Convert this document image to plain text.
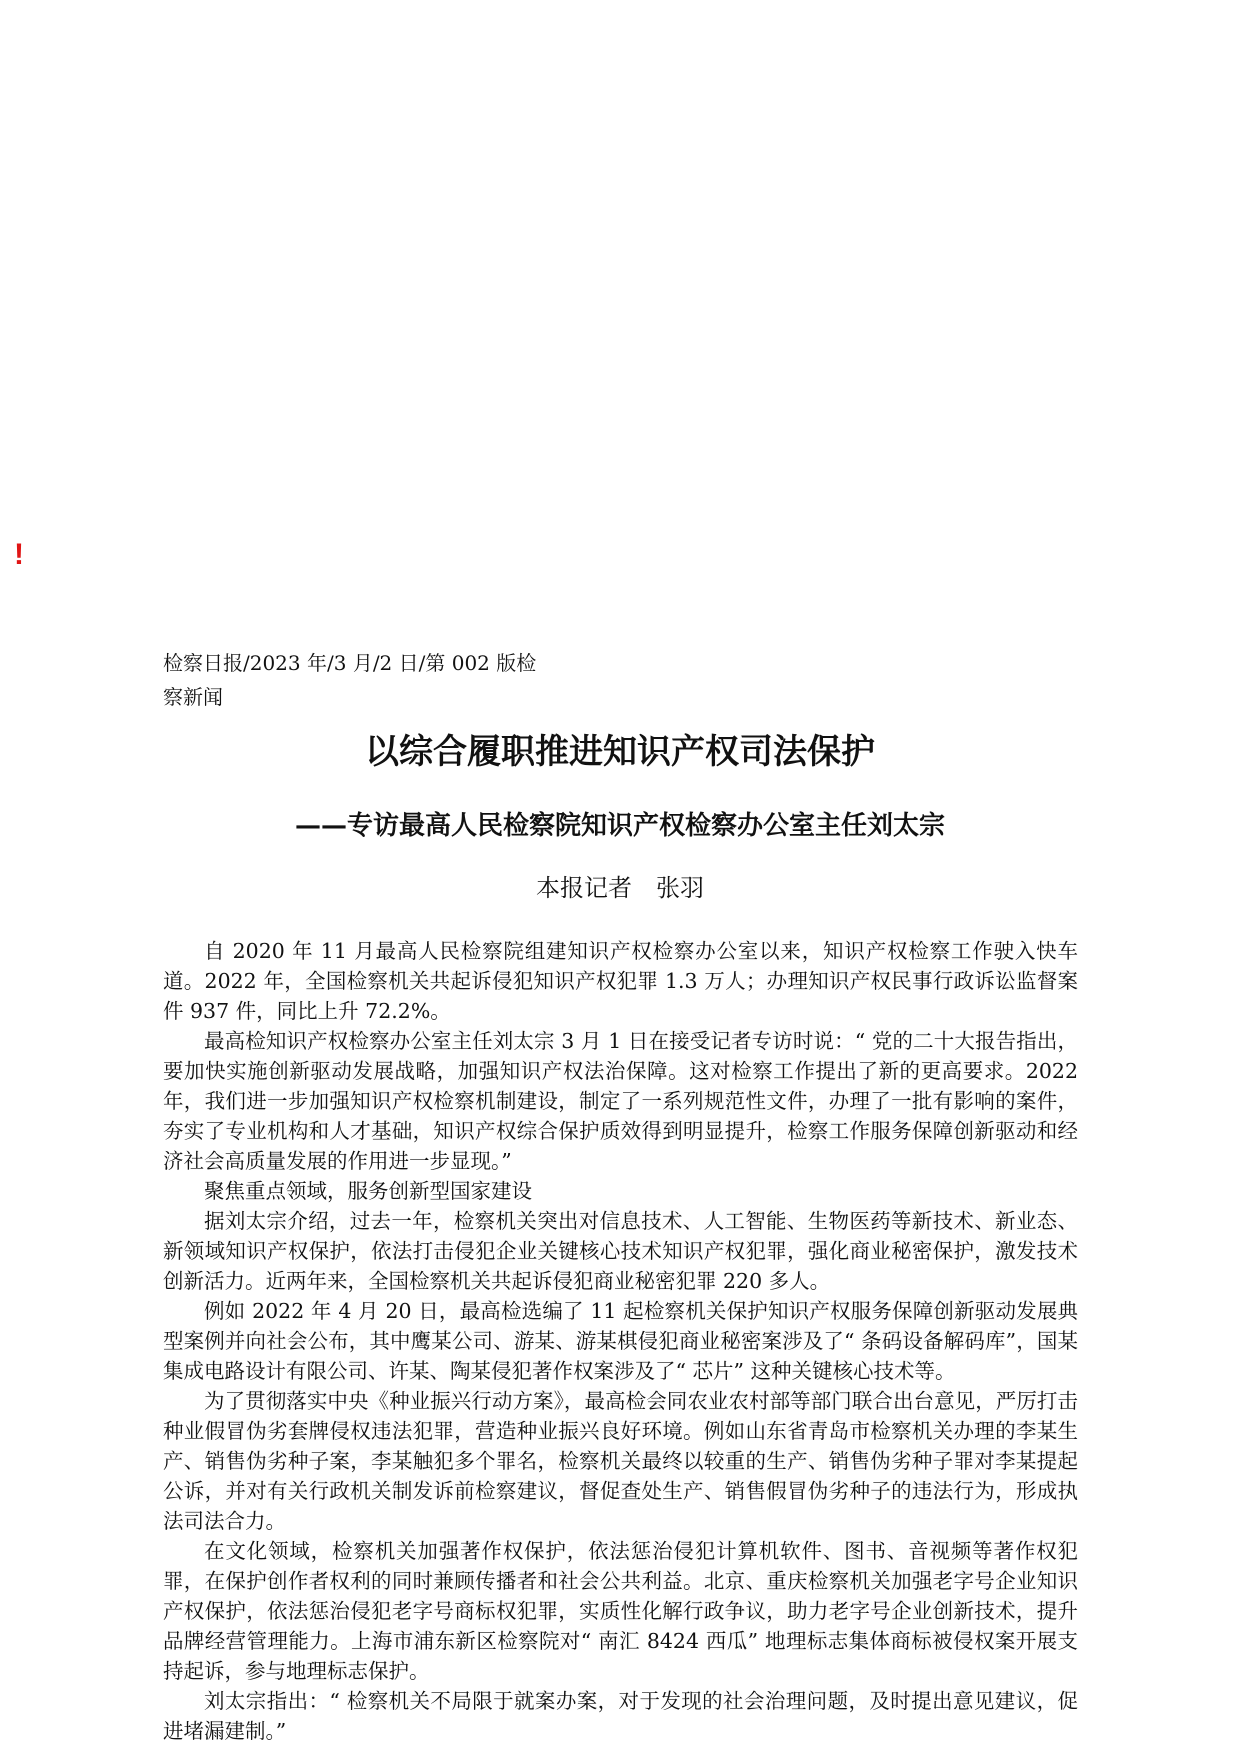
!
检察日报/2023 年/3 月/2 日/第 002 版检察新闻
以综合履职推进知识产权司法保护
——专访最高人民检察院知识产权检察办公室主任刘太宗
本报记者　张羽

自 2020 年 11 月最高人民检察院组建知识产权检察办公室以来，知识产权检察工作驶入快车道。2022 年，全国检察机关共起诉侵犯知识产权犯罪 1.3 万人；办理知识产权民事行政诉讼监督案件 937 件，同比上升 72.2%。

最高检知识产权检察办公室主任刘太宗 3 月 1 日在接受记者专访时说：“ 党的二十大报告指出，要加快实施创新驱动发展战略，加强知识产权法治保障。这对检察工作提出了新的更高要求。2022 年，我们进一步加强知识产权检察机制建设，制定了一系列规范性文件，办理了一批有影响的案件，夯实了专业机构和人才基础，知识产权综合保护质效得到明显提升，检察工作服务保障创新驱动和经济社会高质量发展的作用进一步显现。”

聚焦重点领域，服务创新型国家建设

据刘太宗介绍，过去一年，检察机关突出对信息技术、人工智能、生物医药等新技术、新业态、新领域知识产权保护，依法打击侵犯企业关键核心技术知识产权犯罪，强化商业秘密保护，激发技术创新活力。近两年来，全国检察机关共起诉侵犯商业秘密犯罪 220 多人。

例如 2022 年 4 月 20 日，最高检选编了 11 起检察机关保护知识产权服务保障创新驱动发展典型案例并向社会公布，其中鹰某公司、游某、游某棋侵犯商业秘密案涉及了“ 条码设备解码库”，国某集成电路设计有限公司、许某、陶某侵犯著作权案涉及了“ 芯片” 这种关键核心技术等。

为了贯彻落实中央《种业振兴行动方案》，最高检会同农业农村部等部门联合出台意见，严厉打击种业假冒伪劣套牌侵权违法犯罪，营造种业振兴良好环境。例如山东省青岛市检察机关办理的李某生产、销售伪劣种子案，李某触犯多个罪名，检察机关最终以较重的生产、销售伪劣种子罪对李某提起公诉，并对有关行政机关制发诉前检察建议，督促查处生产、销售假冒伪劣种子的违法行为，形成执法司法合力。

在文化领域，检察机关加强著作权保护，依法惩治侵犯计算机软件、图书、音视频等著作权犯罪，在保护创作者权利的同时兼顾传播者和社会公共利益。北京、重庆检察机关加强老字号企业知识产权保护，依法惩治侵犯老字号商标权犯罪，实质性化解行政争议，助力老字号企业创新技术，提升品牌经营管理能力。上海市浦东新区检察院对“ 南汇 8424 西瓜” 地理标志集体商标被侵权案开展支持起诉，参与地理标志保护。

刘太宗指出：“ 检察机关不局限于就案办案，对于发现的社会治理问题，及时提出意见建议，促进堵漏建制。”
